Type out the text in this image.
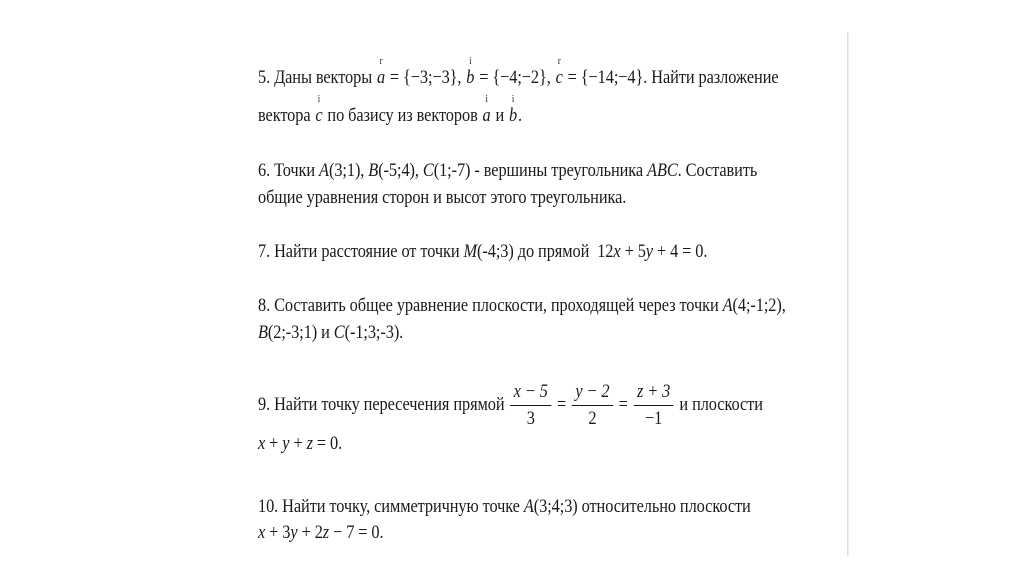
5. Даны векторы
r
a = {−3;−3},
i
b = {−4;−2},
r
c = {−14;−4}. Найти разложение
вектора
i
c по базису из векторов
i
a и
i
b.
6. Точки A(3;1), B(-5;4), C(1;-7) - вершины треугольника ABC. Составить
общие уравнения сторон и высот этого треугольника.
7. Найти расстояние от точки M(-4;3) до прямой  12x + 5y + 4 = 0.
8. Составить общее уравнение плоскости, проходящей через точки A(4;-1;2),
B(2;-3;1) и C(-1;3;-3).
9. Найти точку пересечения прямой $\frac{x - 5}{3} = \frac{y - 2}{2} = \frac{z + 3}{-1}$ и плоскости
x + y + z = 0.
10. Найти точку, симметричную точке A(3;4;3) относительно плоскости
x + 3y + 2z − 7 = 0.
